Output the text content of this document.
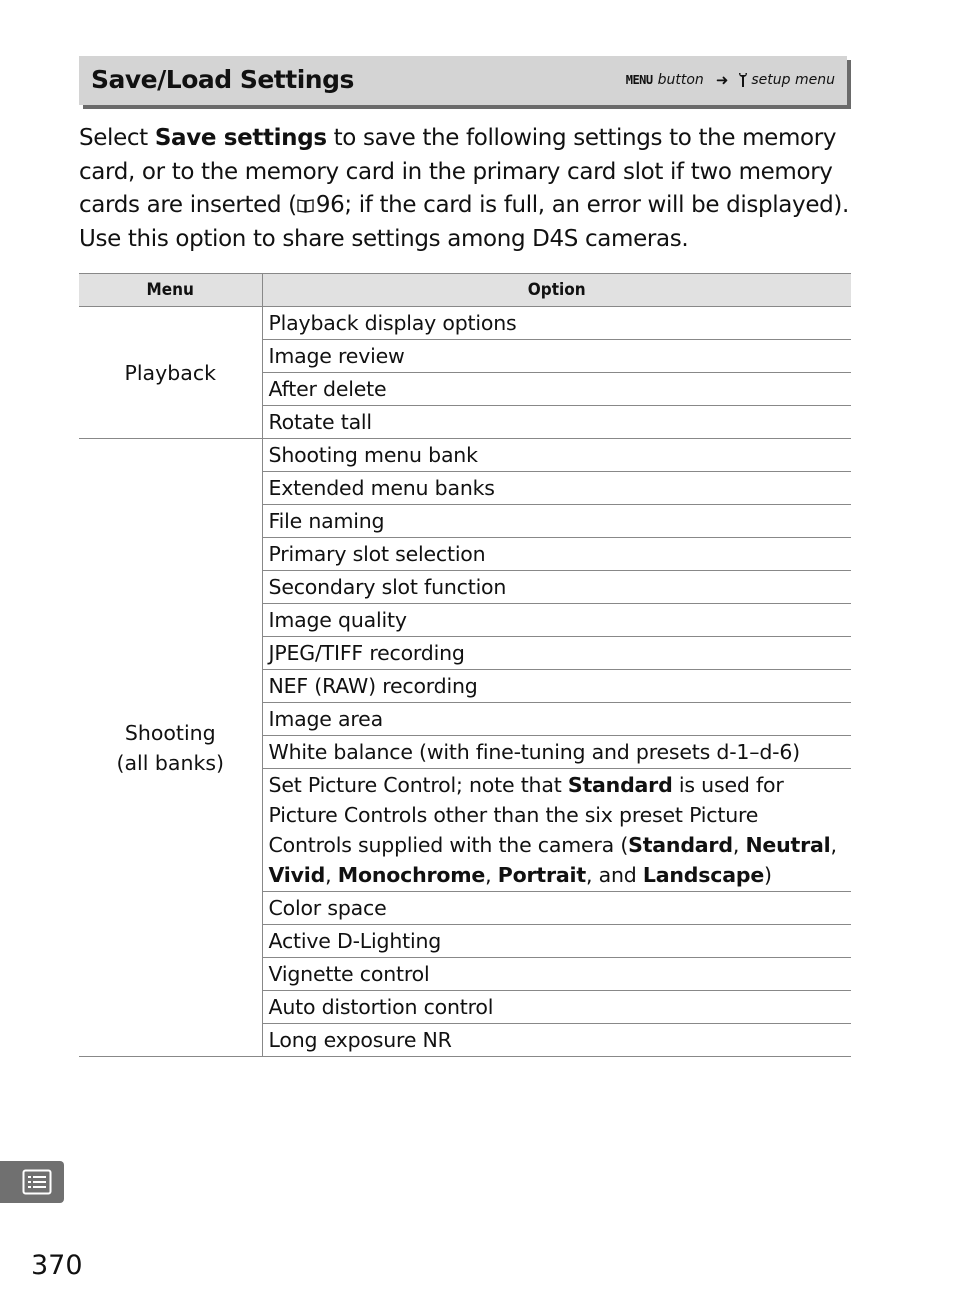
Save/Load Settings	MENU button ➜ setup menu
Select Save settings to save the following settings to the memory card, or to the memory card in the primary card slot if two memory cards are inserted ( 96; if the card is full, an error will be displayed). Use this option to share settings among D4S cameras.
Menu	Option
Playback	Playback display options
	Image review
	After delete
	Rotate tall

Shooting
(all banks)	Shooting menu bank
	Extended menu banks
	File naming
	Primary slot selection
	Secondary slot function
	Image quality
	JPEG/TIFF recording
	NEF (RAW) recording
	Image area
	White balance (with fine-tuning and presets d-1–d-6)
	Set Picture Control; note that Standard is used for Picture Controls other than the six preset Picture Controls supplied with the camera (Standard, Neutral, Vivid, Monochrome, Portrait, and Landscape)
	Color space
	Active D-Lighting
	Vignette control
	Auto distortion control
	Long exposure NR
370
